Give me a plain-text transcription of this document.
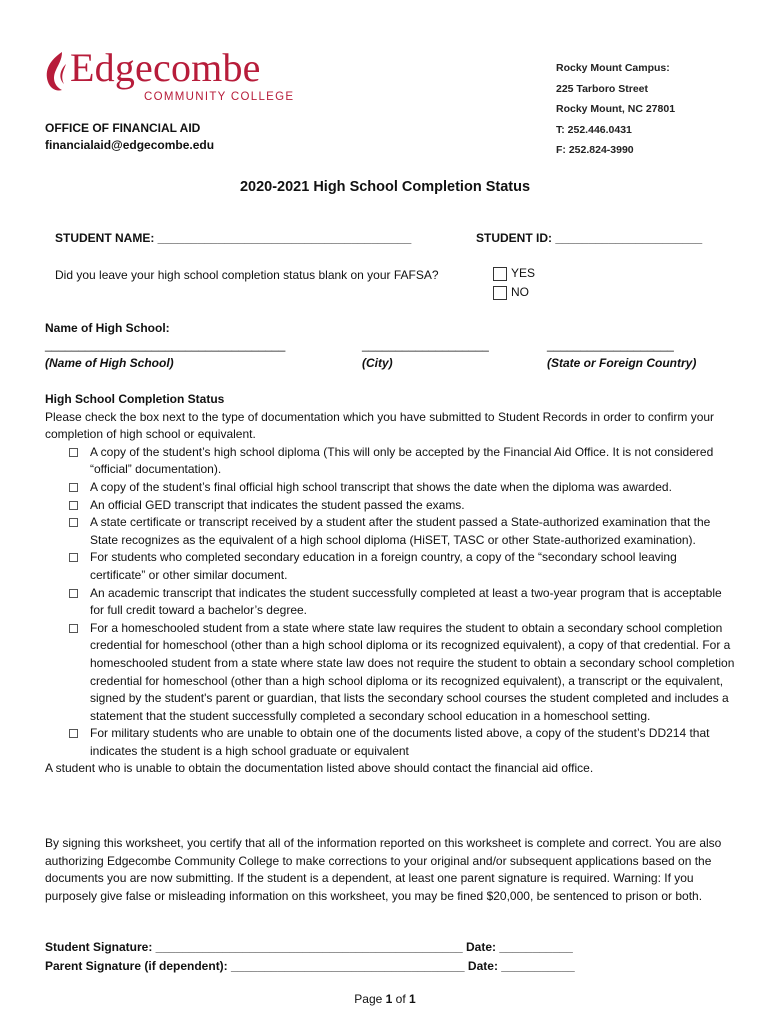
Edgecombe
COMMUNITY COLLEGE
Rocky Mount Campus:
225 Tarboro Street
Rocky Mount, NC 27801
T: 252.446.0431
F: 252.824-3990
OFFICE OF FINANCIAL AID
financialaid@edgecombe.edu
2020-2021 High School Completion Status
STUDENT NAME: ______________________________________	STUDENT ID: ______________________
Did you leave your high school completion status blank on your FAFSA?	YES
NO
Name of High School:
____________________________________	___________________	___________________
(Name of High School)	(City)	(State or Foreign Country)
High School Completion Status
Please check the box next to the type of documentation which you have submitted to Student Records in order to confirm your completion of high school or equivalent.
A copy of the student’s high school diploma (This will only be accepted by the Financial Aid Office. It is not considered “official” documentation).
A copy of the student’s final official high school transcript that shows the date when the diploma was awarded.
An official GED transcript that indicates the student passed the exams.
A state certificate or transcript received by a student after the student passed a State-authorized examination that the State recognizes as the equivalent of a high school diploma (HiSET, TASC or other State-authorized examination).
For students who completed secondary education in a foreign country, a copy of the “secondary school leaving certificate” or other similar document.
An academic transcript that indicates the student successfully completed at least a two-year program that is acceptable for full credit toward a bachelor’s degree.
For a homeschooled student from a state where state law requires the student to obtain a secondary school completion credential for homeschool (other than a high school diploma or its recognized equivalent), a copy of that credential. For a homeschooled student from a state where state law does not require the student to obtain a secondary school completion credential for homeschool (other than a high school diploma or its recognized equivalent), a transcript or the equivalent, signed by the student's parent or guardian, that lists the secondary school courses the student completed and includes a statement that the student successfully completed a secondary school education in a homeschool setting.
For military students who are unable to obtain one of the documents listed above, a copy of the student’s DD214 that indicates the student is a high school graduate or equivalent
A student who is unable to obtain the documentation listed above should contact the financial aid office.
By signing this worksheet, you certify that all of the information reported on this worksheet is complete and correct. You are also authorizing Edgecombe Community College to make corrections to your original and/or subsequent applications based on the documents you are now submitting. If the student is a dependent, at least one parent signature is required. Warning: If you purposely give false or misleading information on this worksheet, you may be fined $20,000, be sentenced to prison or both.
Student Signature: ______________________________________________ Date: ___________
Parent Signature (if dependent): ___________________________________ Date: ___________
Page 1 of 1
